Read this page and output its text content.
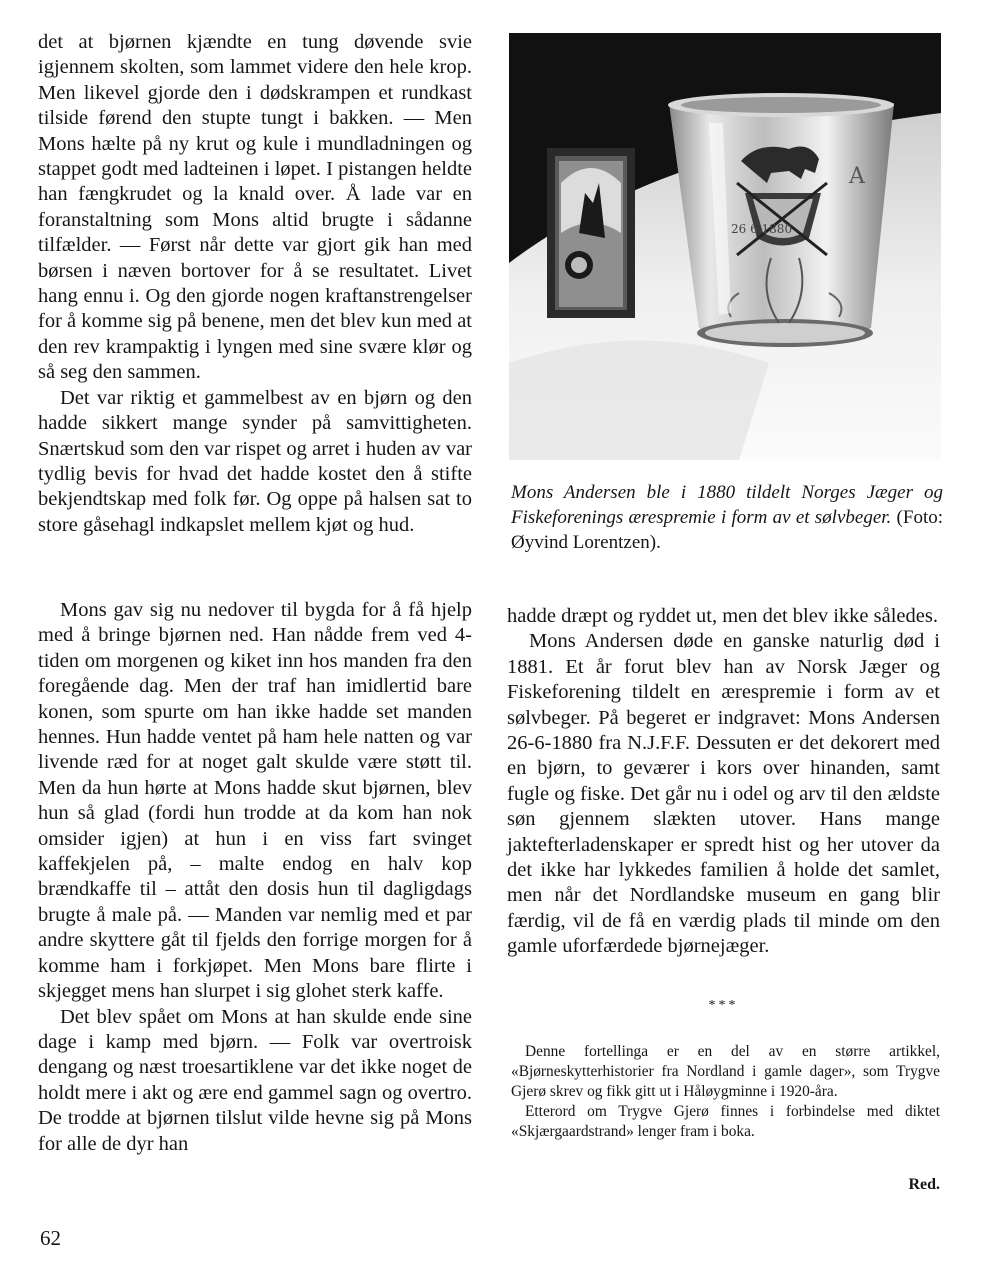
det at bjørnen kjændte en tung døvende svie igjennem skolten, som lammet videre den hele krop. Men likevel gjorde den i dødskrampen et rundkast tilside førend den stupte tungt i bakken. — Men Mons hælte på ny krut og kule i mundladningen og stappet godt med ladteinen i løpet. I pistangen heldte han fængkrudet og la knald over. Å lade var en foranstaltning som Mons altid brugte i sådanne tilfælder. — Først når dette var gjort gik han med børsen i næven bortover for å se resultatet. Livet hang ennu i. Og den gjorde nogen kraftanstrengelser for å komme sig på benene, men det blev kun med at den rev krampaktig i lyngen med sine svære klør og så seg den sammen.

Det var riktig et gammelbest av en bjørn og den hadde sikkert mange synder på samvittigheten. Snærtskud som den var rispet og arret i huden av var tydlig bevis for hvad det hadde kostet den å stifte bekjendtskap med folk før. Og oppe på halsen sat to store gåsehagl indkapslet mellem kjøt og hud.

26 6 1880
A
Mons Andersen ble i 1880 tildelt Norges Jæger og Fiskeforenings ærespremie i form av et sølvbeger. (Foto: Øyvind Lorentzen).

Mons gav sig nu nedover til bygda for å få hjelp med å bringe bjørnen ned. Han nådde frem ved 4-tiden om morgenen og kiket inn hos manden fra den foregående dag. Men der traf han imidlertid bare konen, som spurte om han ikke hadde set manden hennes. Hun hadde ventet på ham hele natten og var livende ræd for at noget galt skulde være støtt til. Men da hun hørte at Mons hadde skut bjørnen, blev hun så glad (fordi hun trodde at da kom han nok omsider igjen) at hun i en viss fart svinget kaffekjelen på, – malte endog en halv kop brændkaffe til – attåt den dosis hun til dagligdags brugte å male på. — Manden var nemlig med et par andre skyttere gåt til fjelds den forrige morgen for å komme ham i forkjøpet. Men Mons bare flirte i skjegget mens han slurpet i sig glohet sterk kaffe.

Det blev spået om Mons at han skulde ende sine dage i kamp med bjørn. — Folk var overtroisk dengang og næst troesartiklene var det ikke noget de holdt mere i akt og ære end gammel sagn og overtro. De trodde at bjørnen tilslut vilde hevne sig på Mons for alle de dyr han

hadde dræpt og ryddet ut, men det blev ikke således.

Mons Andersen døde en ganske naturlig død i 1881. Et år forut blev han av Norsk Jæger og Fiskeforening tildelt en ærespremie i form av et sølvbeger. På begeret er indgravet: Mons Andersen 26-6-1880 fra N.J.F.F. Dessuten er det dekorert med en bjørn, to geværer i kors over hinanden, samt fugle og fiske. Det går nu i odel og arv til den ældste søn gjennem slækten utover. Hans mange jaktefterladenskaper er spredt hist og her utover da det ikke har lykkedes familien å holde det samlet, men når det Nordlandske museum en gang blir færdig, vil de få en værdig plads til minde om den gamle uforfærdede bjørnejæger.

***

Denne fortellinga er en del av en større artikkel, «Bjørneskytterhistorier fra Nordland i gamle dager», som Trygve Gjerø skrev og fikk gitt ut i Håløygminne i 1920-åra.

Etterord om Trygve Gjerø finnes i forbindelse med diktet «Skjærgaardstrand» lenger fram i boka.

Red.
62
